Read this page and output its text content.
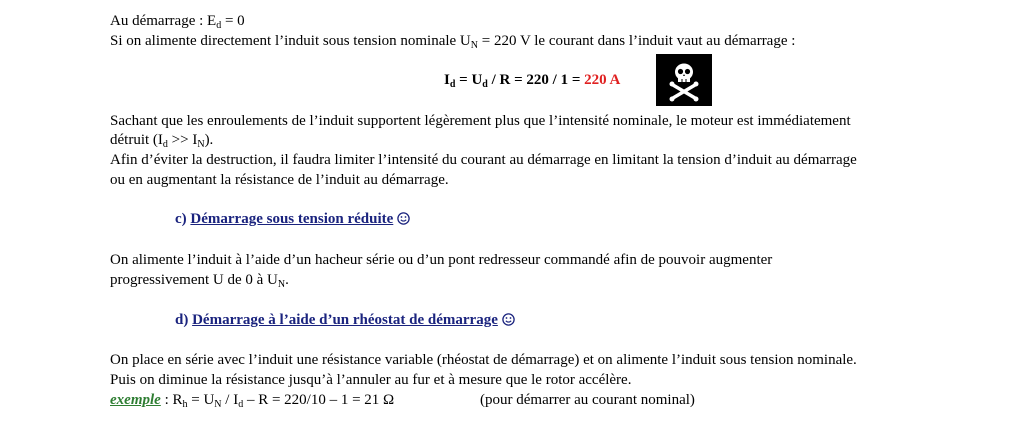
Au démarrage : $E_d = 0$
Si on alimente directement l’induit sous tension nominale $U_N = 220$ V le courant dans l’induit vaut au démarrage :
$I_d = U_d / R = 220 / 1 = 220$ A
Sachant que les enroulements de l’induit supportent légèrement plus que l’intensité nominale, le moteur est immédiatement
détruit $(I_d >> I_N)$.
Afin d’éviter la destruction, il faudra limiter l’intensité du courant au démarrage en limitant la tension d’induit au démarrage
ou en augmentant la résistance de l’induit au démarrage.
c) Démarrage sous tension réduite
On alimente l’induit à l’aide d’un hacheur série ou d’un pont redresseur commandé afin de pouvoir augmenter
progressivement U de 0 à $U_N$.
d) Démarrage à l’aide d’un rhéostat de démarrage
On place en série avec l’induit une résistance variable (rhéostat de démarrage) et on alimente l’induit sous tension nominale.
Puis on diminue la résistance jusqu’à l’annuler au fur et à mesure que le rotor accélère.
exemple : $R_h = U_N / I_d - R = 220/10 - 1 = 21$ Ω	(pour démarrer au courant nominal)
